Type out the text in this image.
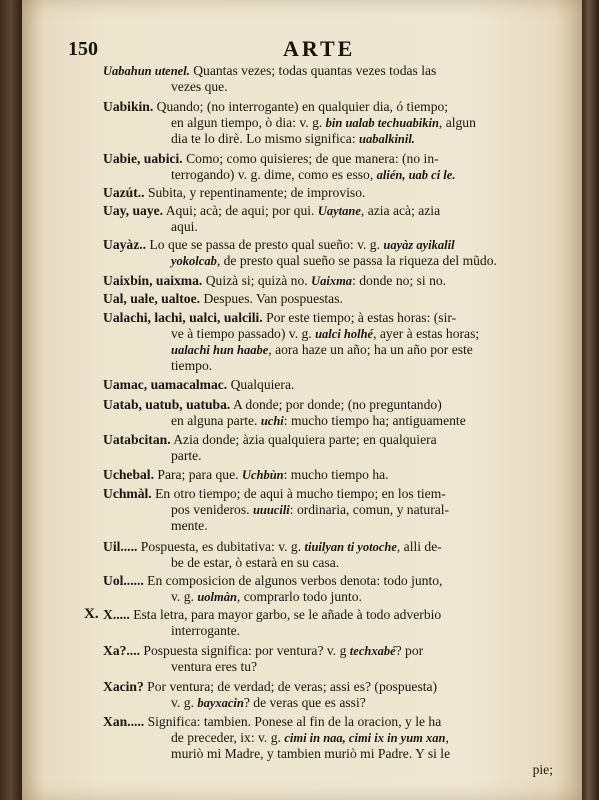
150	ARTE
X.
Uabahun utenel. Quantas vezes; todas quantas vezes todas las
vezes que.
Uabikin. Quando; (no interrogante) en qualquier dia, ó tiempo;
en algun tiempo, ò dia: v. g. bin ualab techuabikin, algun
dia te lo dirè. Lo mismo significa: uabalkinil.
Uabie, uabici. Como; como quisieres; de que manera: (no in-
terrogando) v. g. dime, como es esso, alién, uab ci le.
Uazút.. Subita, y repentinamente; de improviso.
Uay, uaye. Aqui; acà; de aqui; por qui. Uaytane, azia acà; azia
aqui.
Uayàz.. Lo que se passa de presto qual sueño: v. g. uayàz ayikalil
yokolcab, de presto qual sueño se passa la riqueza del mũdo.
Uaixbin, uaixma. Quizà si; quizà no. Uaixma: donde no; si no.
Ual, uale, ualtoe. Despues. Van pospuestas.
Ualachi, lachi, ualci, ualcili. Por este tiempo; à estas horas: (sir-
ve à tiempo passado) v. g. ualci holhé, ayer à estas horas;
ualachi hun haabe, aora haze un año; ha un año por este
tiempo.
Uamac, uamacalmac. Qualquiera.
Uatab, uatub, uatuba. A donde; por donde; (no preguntando)
en alguna parte. uchi: mucho tiempo ha; antiguamente
Uatabcitan. Azia donde; àzia qualquiera parte; en qualquiera
parte.
Uchebal. Para; para que. Uchbùn: mucho tiempo ha.
Uchmàl. En otro tiempo; de aqui à mucho tiempo; en los tiem-
pos venideros. uuucili: ordinaria, comun, y natural-
mente.
Uil..... Pospuesta, es dubitativa: v. g. tiuilyan ti yotoche, alli de-
be de estar, ò estarà en su casa.
Uol...... En composicion de algunos verbos denota: todo junto,
v. g. uolmàn, comprarlo todo junto.
X..... Esta letra, para mayor garbo, se le añade à todo adverbio
interrogante.
Xa?.... Pospuesta significa: por ventura? v. g techxabé? por
ventura eres tu?
Xacin? Por ventura; de verdad; de veras; assi es? (pospuesta)
v. g. bayxacin? de veras que es assi?
Xan..... Significa: tambien. Ponese al fin de la oracion, y le ha
de preceder, ix: v. g. cimi in naa, cimi ix in yum xan,
muriò mi Madre, y tambien muriò mi Padre. Y si le
pie;
